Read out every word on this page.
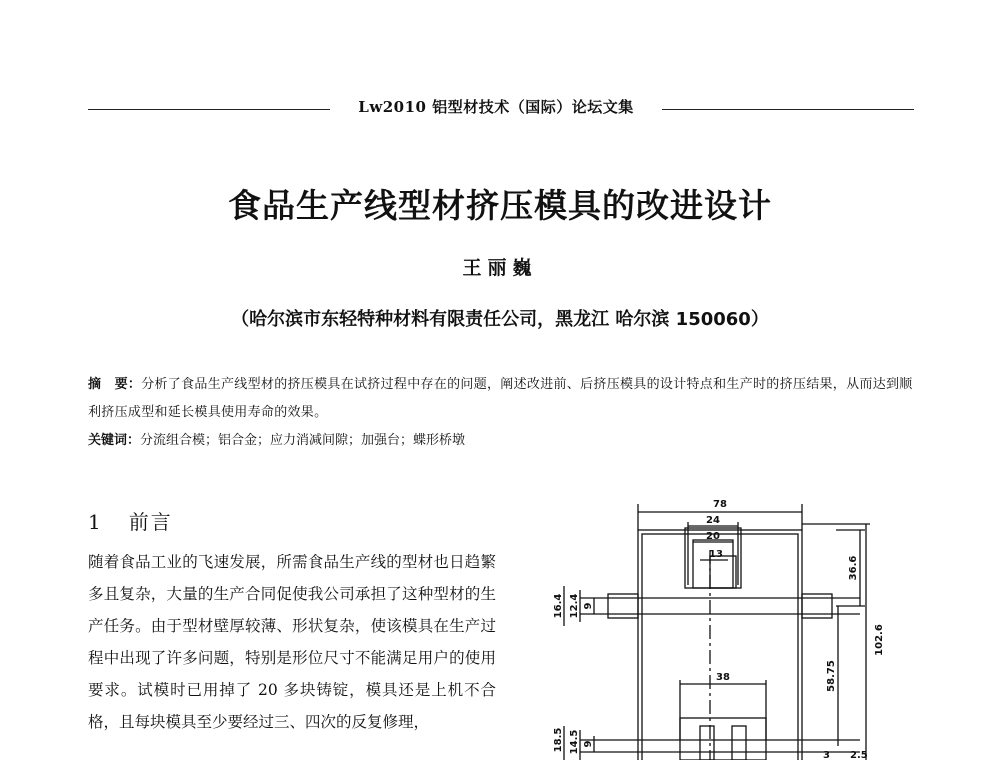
Lw2010 铝型材技术（国际）论坛文集
食品生产线型材挤压模具的改进设计
王丽巍
（哈尔滨市东轻特种材料有限责任公司，黑龙江 哈尔滨 150060）
摘　要：分析了食品生产线型材的挤压模具在试挤过程中存在的问题，阐述改进前、后挤压模具的设计特点和生产时的挤压结果，从而达到顺利挤压成型和延长模具使用寿命的效果。
关键词：分流组合模；铝合金；应力消减间隙；加强台；蝶形桥墩
1 前言
随着食品工业的飞速发展，所需食品生产线的型材也日趋繁多且复杂，大量的生产合同促使我公司承担了这种型材的生产任务。由于型材壁厚较薄、形状复杂，使该模具在生产过程中出现了许多问题，特别是形位尺寸不能满足用户的使用要求。试模时已用掉了 20 多块铸锭，模具还是上机不合格，且每块模具至少要经过三、四次的反复修理，
78
24
20
13
38
36.6
102.6
58.75
16.4 12.4 9
18.5 14.5 9
2.5
3
